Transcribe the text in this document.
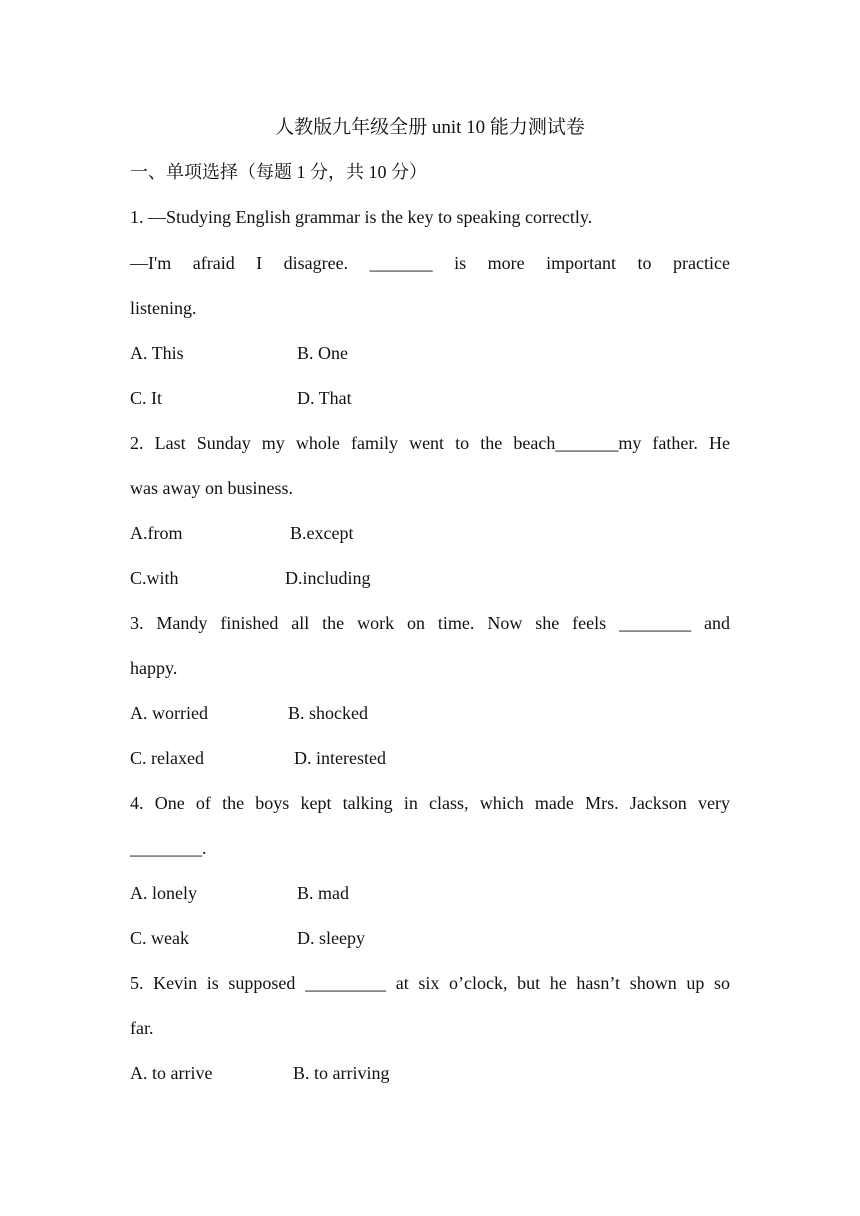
人教版九年级全册 unit 10 能力测试卷
一、单项选择（每题 1 分，共 10 分）
1. —Studying English grammar is the key to speaking correctly.
—I'm afraid I disagree. _______ is more important to practice
listening.
A. This	B. One
C. It	D. That
2. Last Sunday my whole family went to the beach_______my father. He
was away on business.
A.from	B.except
C.with	D.including
3. Mandy finished all the work on time. Now she feels ________ and
happy.
A. worried	B. shocked
C. relaxed	D. interested
4. One of the boys kept talking in class, which made Mrs. Jackson very
________.
A. lonely	B. mad
C. weak	D. sleepy
5. Kevin is supposed _________ at six o’clock, but he hasn’t shown up so
far.
A. to arrive	B. to arriving
